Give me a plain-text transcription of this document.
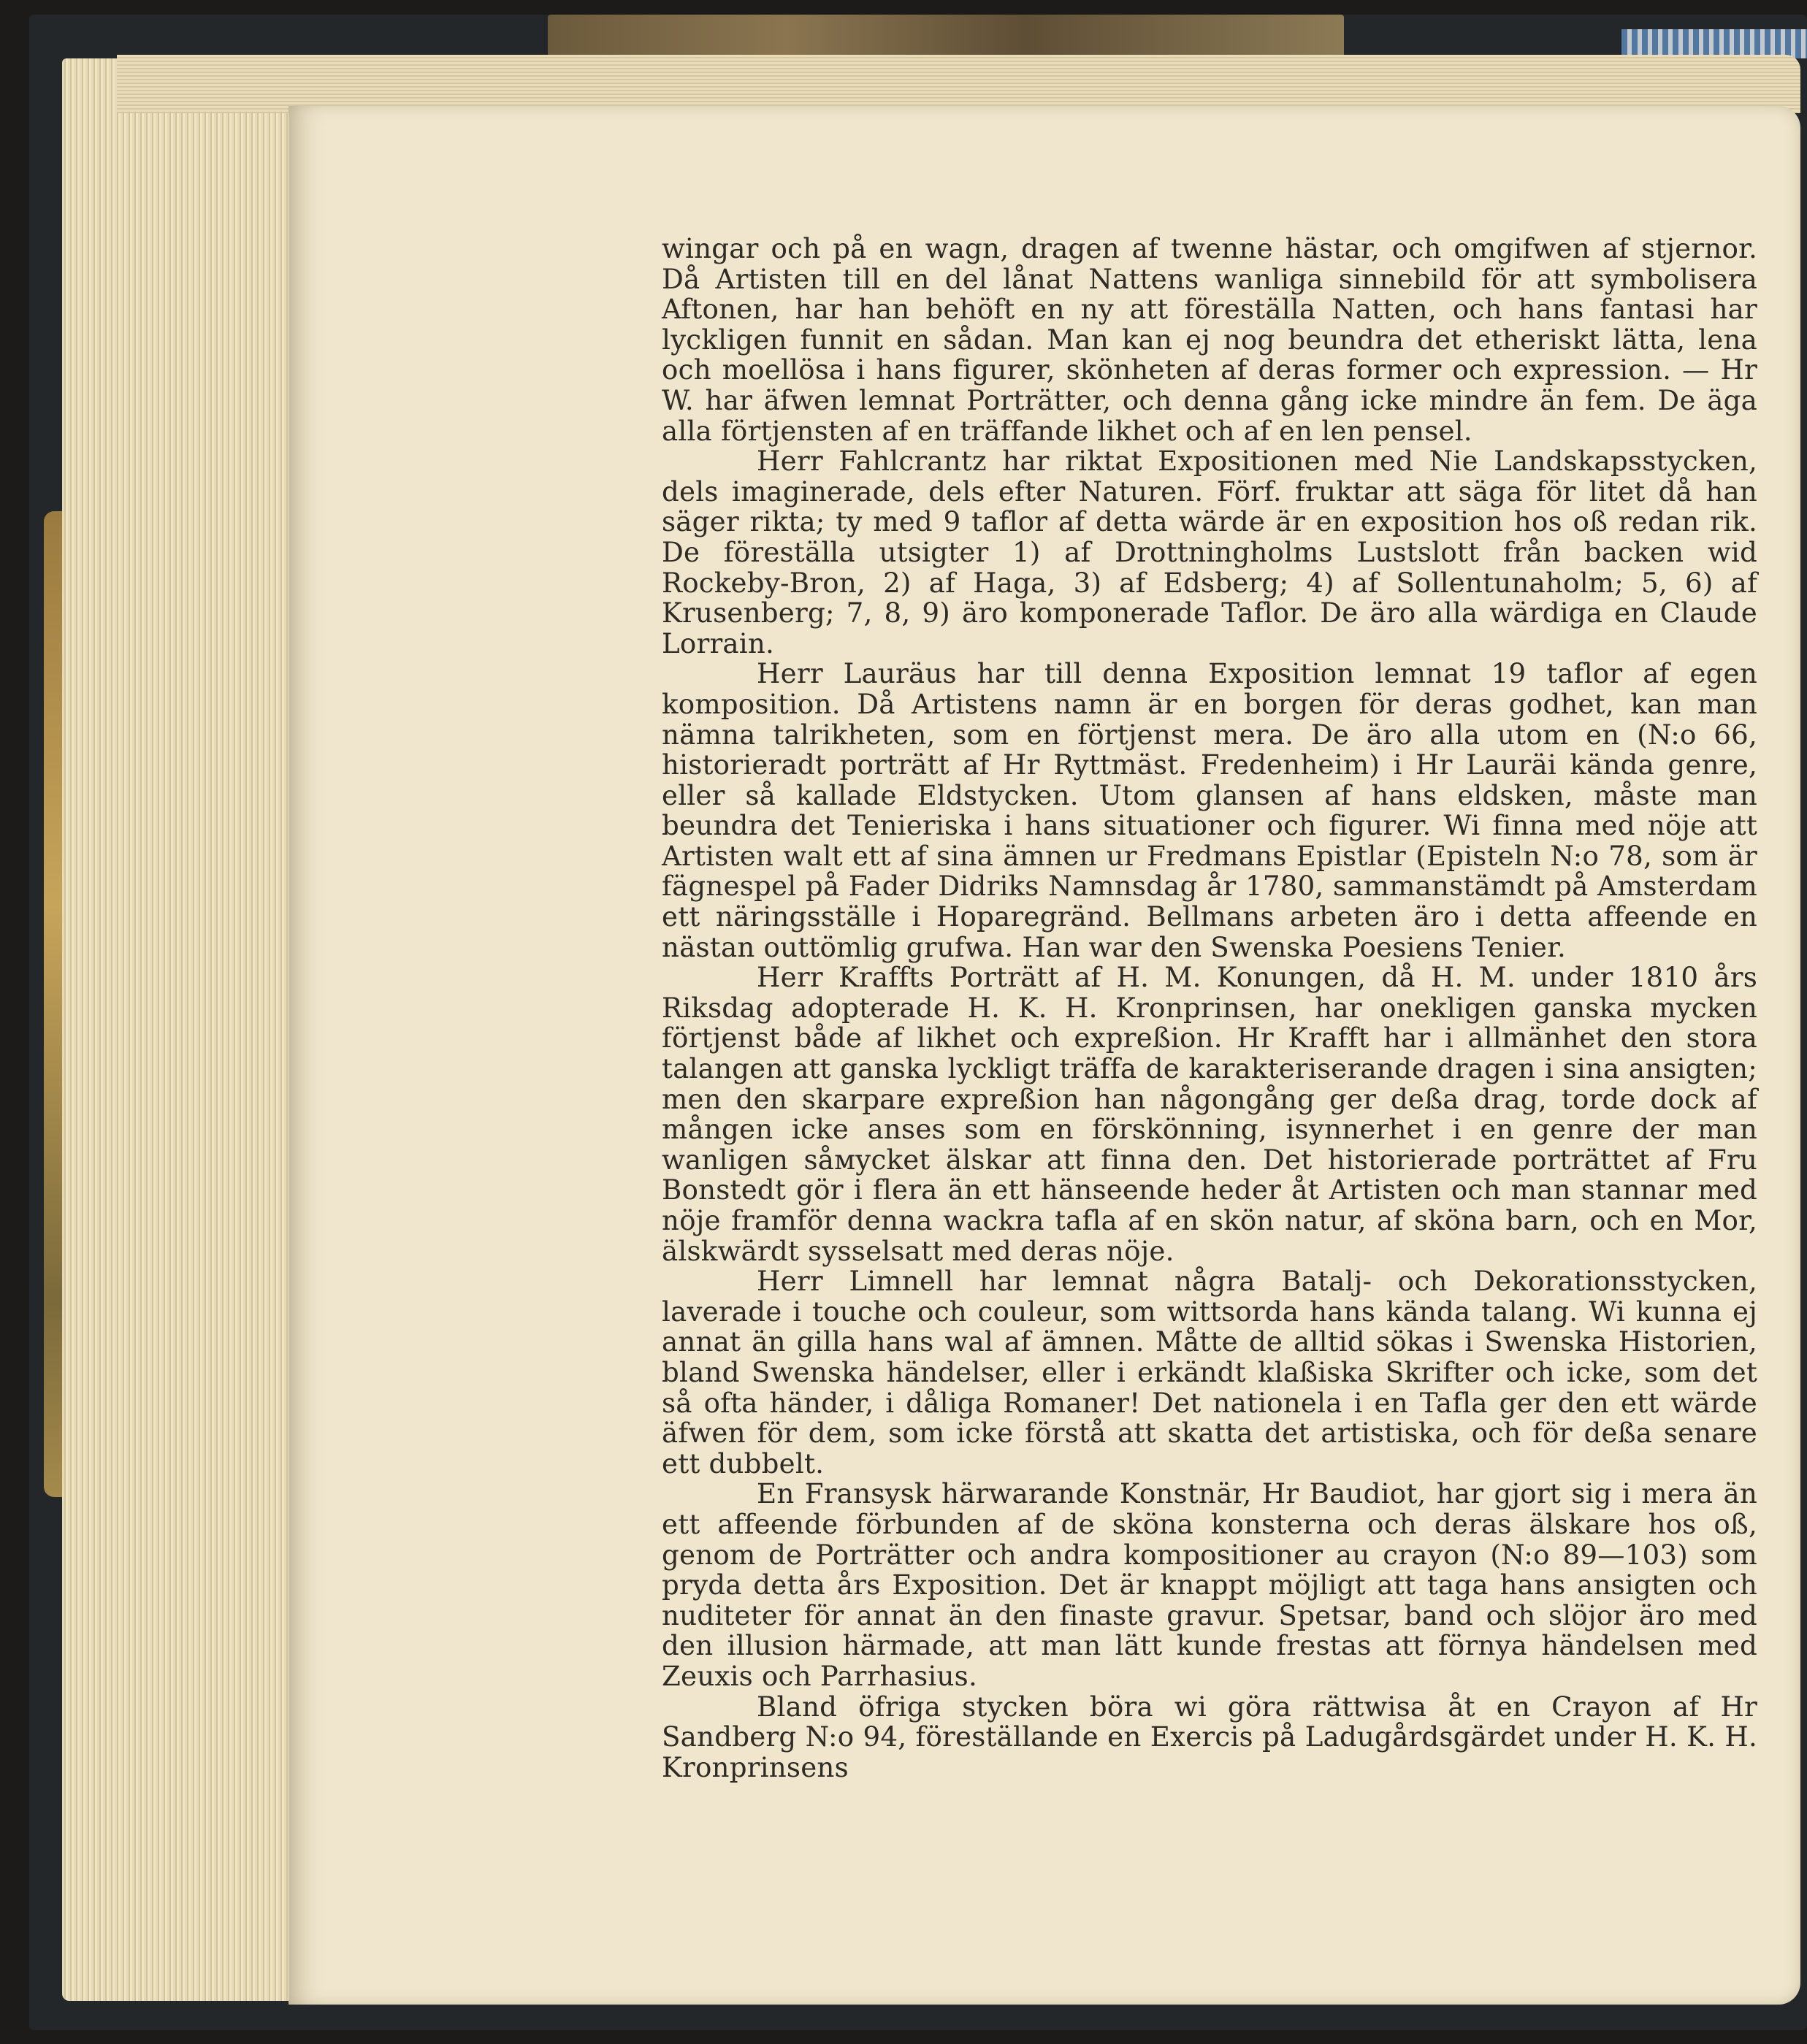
wingar och på en wagn, dragen af twenne hästar, och omgifwen af stjernor. Då Artisten till en del lånat Nattens wanliga sinnebild för att symbolisera Aftonen, har han behöft en ny att föreställa Natten, och hans fantasi har lyckligen funnit en sådan. Man kan ej nog beundra det etheriskt lätta, lena och moellösa i hans figurer, skönheten af deras former och expression. — Hr W. har äfwen lemnat Porträtter, och denna gång icke mindre än fem. De äga alla förtjensten af en träffande likhet och af en len pensel.

Herr Fahlcrantz har riktat Expositionen med Nie Landskapsstycken, dels imaginerade, dels efter Naturen. Förf. fruktar att säga för litet då han säger rikta; ty med 9 taflor af detta wärde är en exposition hos oß redan rik. De föreställa utsigter 1) af Drottningholms Lustslott från backen wid Rockeby-Bron, 2) af Haga, 3) af Edsberg; 4) af Sollentunaholm; 5, 6) af Krusenberg; 7, 8, 9) äro komponerade Taflor. De äro alla wärdiga en Claude Lorrain.

Herr Lauräus har till denna Exposition lemnat 19 taflor af egen komposition. Då Artistens namn är en borgen för deras godhet, kan man nämna talrikheten, som en förtjenst mera. De äro alla utom en (N:o 66, historieradt porträtt af Hr Ryttmäst. Fredenheim) i Hr Lauräi kända genre, eller så kallade Eldstycken. Utom glansen af hans eldsken, måste man beundra det Tenieriska i hans situationer och figurer. Wi finna med nöje att Artisten walt ett af sina ämnen ur Fredmans Epistlar (Epistеln N:o 78, som är fägnespel på Fader Didriks Namnsdag år 1780, sammanstämdt på Amsterdam ett näringsställe i Hoparegränd. Bellmans arbeten äro i detta affeende en nästan outtömlig grufwa. Han war den Swenska Poesiens Tenier.

Herr Kraffts Porträtt af H. M. Konungen, då H. M. under 1810 års Riksdag adopterade H. K. H. Kronprinsen, har onekligen ganska mycken förtjenst både af likhet och expreßion. Hr Krafft har i allmänhet den stora talangen att ganska lyckligt träffa de karakteriserande dragen i sina ansigten; men den skarpare expreßion han någongång ger deßa drag, torde dock af mången icke anses som en förskönning, isynnerhet i en genre der man wanligen såмycket älskar att finna den. Det historierade porträttet af Fru Bonstedt gör i flera än ett hänseende heder åt Artisten och man stannar med nöje framför denna wackra tafla af en skön natur, af sköna barn, och en Mor, älskwärdt sysselsatt med deras nöje.

Herr Limnell har lemnat några Batalj- och Dekorationsstycken, laverade i touche och couleur, som wittsorda hans kända talang. Wi kunna ej annat än gilla hans wal af ämnen. Måtte de alltid sökas i Swenska Historien, bland Swenska händelser, eller i erkändt klaßiska Skrifter och icke, som det så ofta händer, i dåliga Romaner! Det nationela i en Tafla ger den ett wärde äfwen för dem, som icke förstå att skatta det artistiska, och för deßa senare ett dubbelt.

En Fransysk härwarande Konstnär, Hr Baudiot, har gjort sig i mera än ett affeende förbunden af de sköna konsterna och deras älskare hos oß, genom de Porträtter och andra kompositioner au crayon (N:o 89—103) som pryda detta års Exposition. Det är knappt möjligt att taga hans ansigten och nuditeter för annat än den finaste gravur. Spetsar, band och slöjor äro med den illusion härmade, att man lätt kunde frestas att förnya händelsen med Zeuxis och Parrhasius.

Bland öfriga stycken böra wi göra rättwisa åt en Crayon af Hr Sandberg N:o 94, föreställande en Exercis på Ladugårdsgärdet under H. K. H. Kronprinsens
